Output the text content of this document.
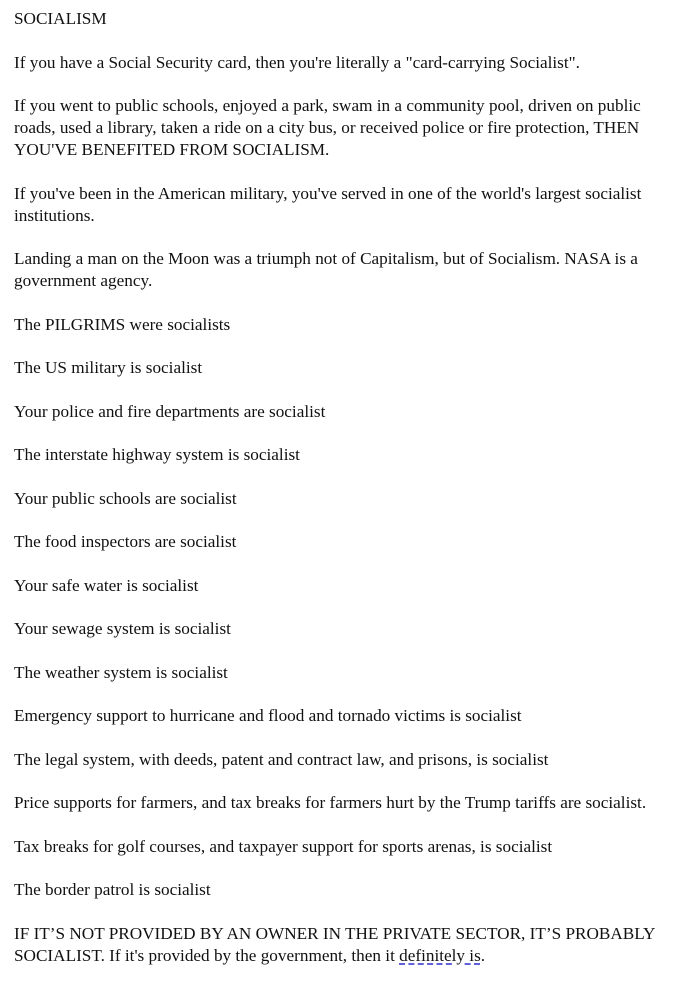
SOCIALISM
If you have a Social Security card, then you're literally a "card-carrying Socialist".
If you went to public schools, enjoyed a park, swam in a community pool, driven on public roads, used a library, taken a ride on a city bus, or received police or fire protection, THEN YOU'VE BENEFITED FROM SOCIALISM.
If you've been in the American military, you've served in one of the world's largest socialist institutions.
Landing a man on the Moon was a triumph not of Capitalism, but of Socialism. NASA is a government agency.
The PILGRIMS were socialists
The US military is socialist
Your police and fire departments are socialist
The interstate highway system is socialist
Your public schools are socialist
The food inspectors are socialist
Your safe water is socialist
Your sewage system is socialist
The weather system is socialist
Emergency support to hurricane and flood and tornado victims is socialist
The legal system, with deeds, patent and contract law, and prisons, is socialist
Price supports for farmers, and tax breaks for farmers hurt by the Trump tariffs are socialist.
Tax breaks for golf courses, and taxpayer support for sports arenas, is socialist
The border patrol is socialist
IF IT’S NOT PROVIDED BY AN OWNER IN THE PRIVATE SECTOR, IT’S PROBABLY SOCIALIST. If it's provided by the government, then it definitely is.
